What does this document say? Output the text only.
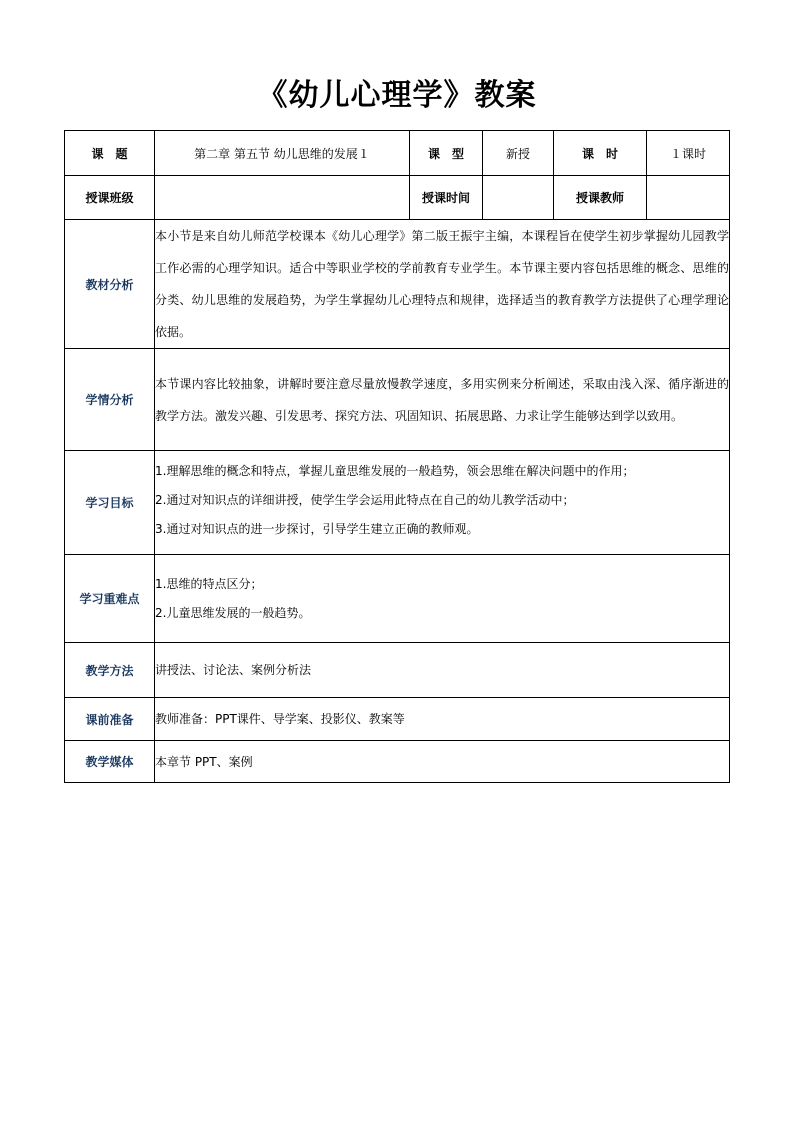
《幼儿心理学》教案
课　题	第二章 第五节 幼儿思维的发展１	课　型	新授	课　时	１课时
授课班级		授课时间		授课教师	
教材分析	本小节是来自幼儿师范学校课本《幼儿心理学》第二版王振宇主编，本课程旨在使学生初步掌握幼儿园教学工作必需的心理学知识。适合中等职业学校的学前教育专业学生。本节课主要内容包括思维的概念、思维的分类、幼儿思维的发展趋势，为学生掌握幼儿心理特点和规律，选择适当的教育教学方法提供了心理学理论依据。				

学情分析	本节课内容比较抽象，讲解时要注意尽量放慢教学速度，多用实例来分析阐述，采取由浅入深、循序渐进的教学方法。激发兴趣、引发思考、探究方法、巩固知识、拓展思路、力求让学生能够达到学以致用。				

学习目标	1.理解思维的概念和特点，掌握儿童思维发展的一般趋势，领会思维在解决问题中的作用；
2.通过对知识点的详细讲授，使学生学会运用此特点在自己的幼儿教学活动中；
3.通过对知识点的进一步探讨，引导学生建立正确的教师观。				

学习重难点	1.思维的特点区分；
2.儿童思维发展的一般趋势。				

教学方法	讲授法、讨论法、案例分析法				
课前准备	教师准备：PPT课件、导学案、投影仪、教案等				
教学媒体	本章节 PPT、案例				
